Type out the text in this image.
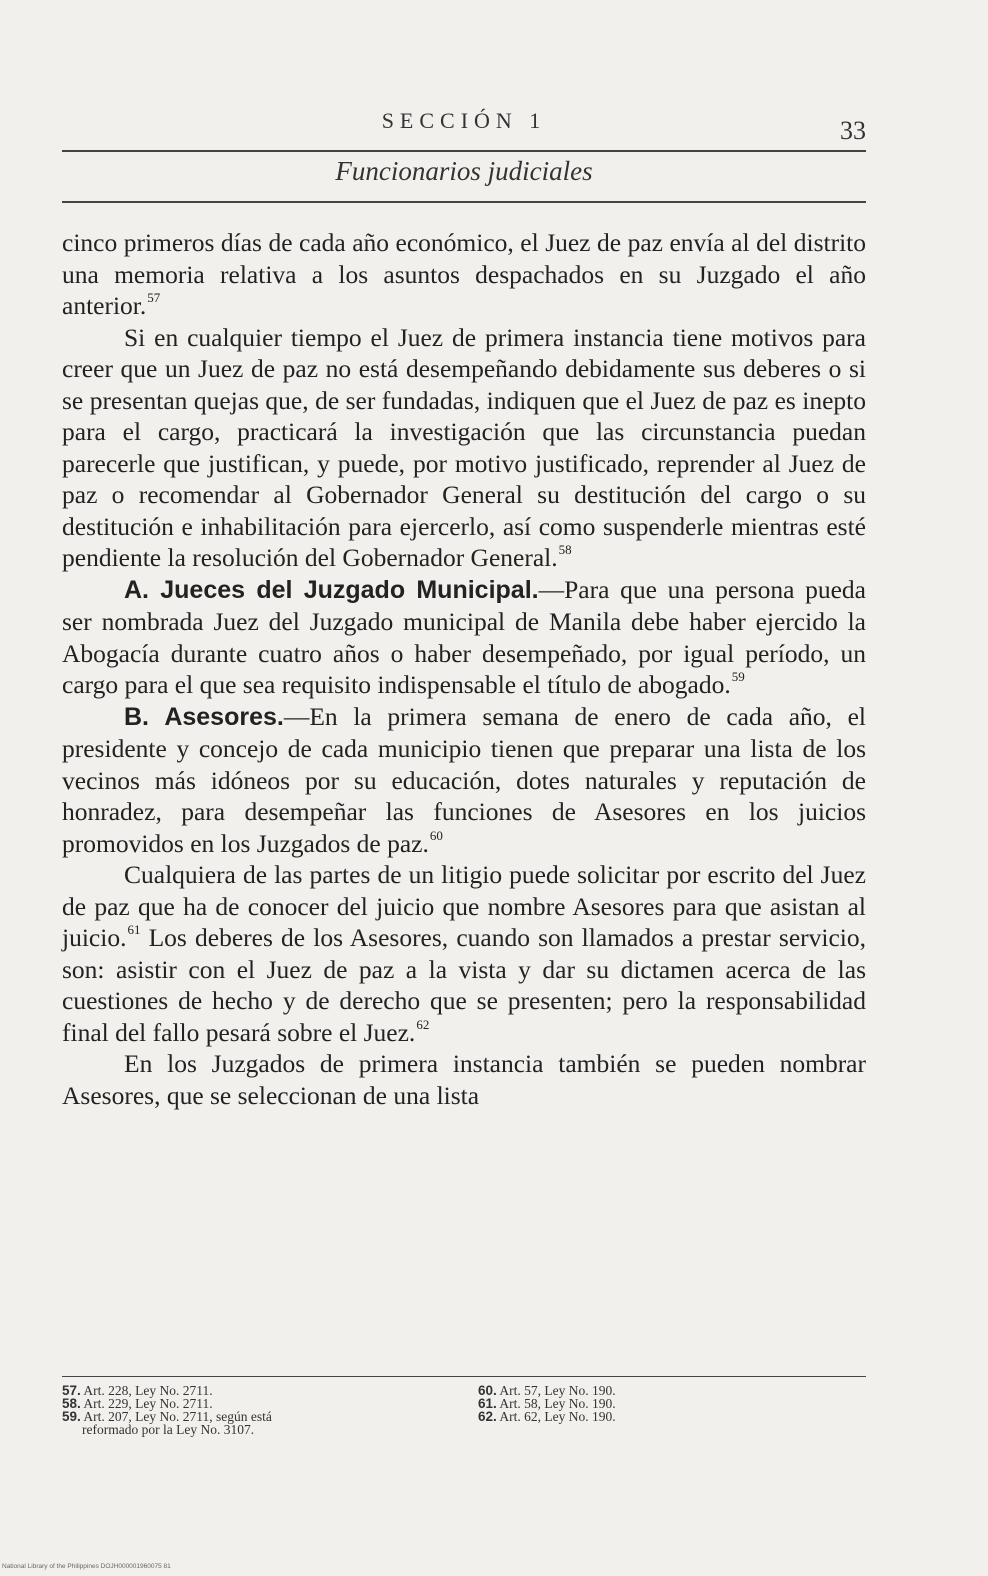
SECCIÓN 1	33
Funcionarios judiciales

cinco primeros días de cada año económico, el Juez de paz envía al del distrito una memoria relativa a los asuntos despachados en su Juzgado el año anterior.$^{57}$

Si en cualquier tiempo el Juez de primera instancia tiene motivos para creer que un Juez de paz no está desempeñando debidamente sus deberes o si se presentan quejas que, de ser fundadas, indiquen que el Juez de paz es inepto para el cargo, practicará la investigación que las circunstancia puedan parecerle que justifican, y puede, por motivo justificado, reprender al Juez de paz o recomendar al Gobernador General su destitución del cargo o su destitución e inhabilitación para ejercerlo, así como suspenderle mientras esté pendiente la resolución del Gobernador General.$^{58}$

A. Jueces del Juzgado Municipal.—Para que una persona pueda ser nombrada Juez del Juzgado municipal de Manila debe haber ejercido la Abogacía durante cuatro años o haber desempeñado, por igual período, un cargo para el que sea requisito indispensable el título de abogado.$^{59}$

B. Asesores.—En la primera semana de enero de cada año, el presidente y concejo de cada municipio tienen que preparar una lista de los vecinos más idóneos por su educación, dotes naturales y reputación de honradez, para desempeñar las funciones de Asesores en los juicios promovidos en los Juzgados de paz.$^{60}$

Cualquiera de las partes de un litigio puede solicitar por escrito del Juez de paz que ha de conocer del juicio que nombre Asesores para que asistan al juicio.$^{61}$ Los deberes de los Asesores, cuando son llamados a prestar servicio, son: asistir con el Juez de paz a la vista y dar su dictamen acerca de las cuestiones de hecho y de derecho que se presenten; pero la responsabilidad final del fallo pesará sobre el Juez.$^{62}$

En los Juzgados de primera instancia también se pueden nombrar Asesores, que se seleccionan de una lista

57. Art. 228, Ley No. 2711.
58. Art. 229, Ley No. 2711.
59. Art. 207, Ley No. 2711, según está
reformado por la Ley No. 3107.
60. Art. 57, Ley No. 190.
61. Art. 58, Ley No. 190.
62. Art. 62, Ley No. 190.
National Library of the Philippines DOJH000001960075 81
